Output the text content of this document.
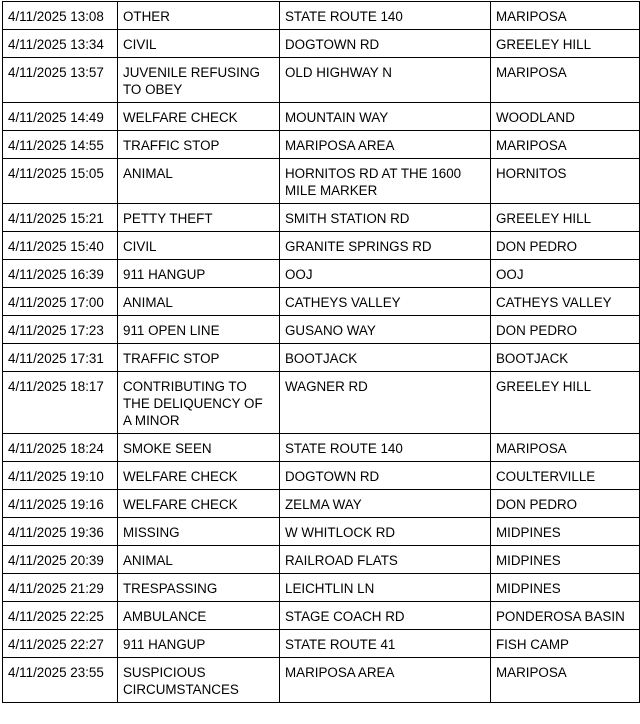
4/11/2025 13:08	OTHER	STATE ROUTE 140	MARIPOSA
4/11/2025 13:34	CIVIL	DOGTOWN RD	GREELEY HILL
4/11/2025 13:57	JUVENILE REFUSING TO OBEY	OLD HIGHWAY N	MARIPOSA
4/11/2025 14:49	WELFARE CHECK	MOUNTAIN WAY	WOODLAND
4/11/2025 14:55	TRAFFIC STOP	MARIPOSA AREA	MARIPOSA
4/11/2025 15:05	ANIMAL	HORNITOS RD AT THE 1600 MILE MARKER	HORNITOS
4/11/2025 15:21	PETTY THEFT	SMITH STATION RD	GREELEY HILL
4/11/2025 15:40	CIVIL	GRANITE SPRINGS RD	DON PEDRO
4/11/2025 16:39	911 HANGUP	OOJ	OOJ
4/11/2025 17:00	ANIMAL	CATHEYS VALLEY	CATHEYS VALLEY
4/11/2025 17:23	911 OPEN LINE	GUSANO WAY	DON PEDRO
4/11/2025 17:31	TRAFFIC STOP	BOOTJACK	BOOTJACK
4/11/2025 18:17	CONTRIBUTING TO THE DELIQUENCY OF A MINOR	WAGNER RD	GREELEY HILL
4/11/2025 18:24	SMOKE SEEN	STATE ROUTE 140	MARIPOSA
4/11/2025 19:10	WELFARE CHECK	DOGTOWN RD	COULTERVILLE
4/11/2025 19:16	WELFARE CHECK	ZELMA WAY	DON PEDRO
4/11/2025 19:36	MISSING	W WHITLOCK RD	MIDPINES
4/11/2025 20:39	ANIMAL	RAILROAD FLATS	MIDPINES
4/11/2025 21:29	TRESPASSING	LEICHTLIN LN	MIDPINES
4/11/2025 22:25	AMBULANCE	STAGE COACH RD	PONDEROSA BASIN
4/11/2025 22:27	911 HANGUP	STATE ROUTE 41	FISH CAMP
4/11/2025 23:55	SUSPICIOUS CIRCUMSTANCES	MARIPOSA AREA	MARIPOSA
